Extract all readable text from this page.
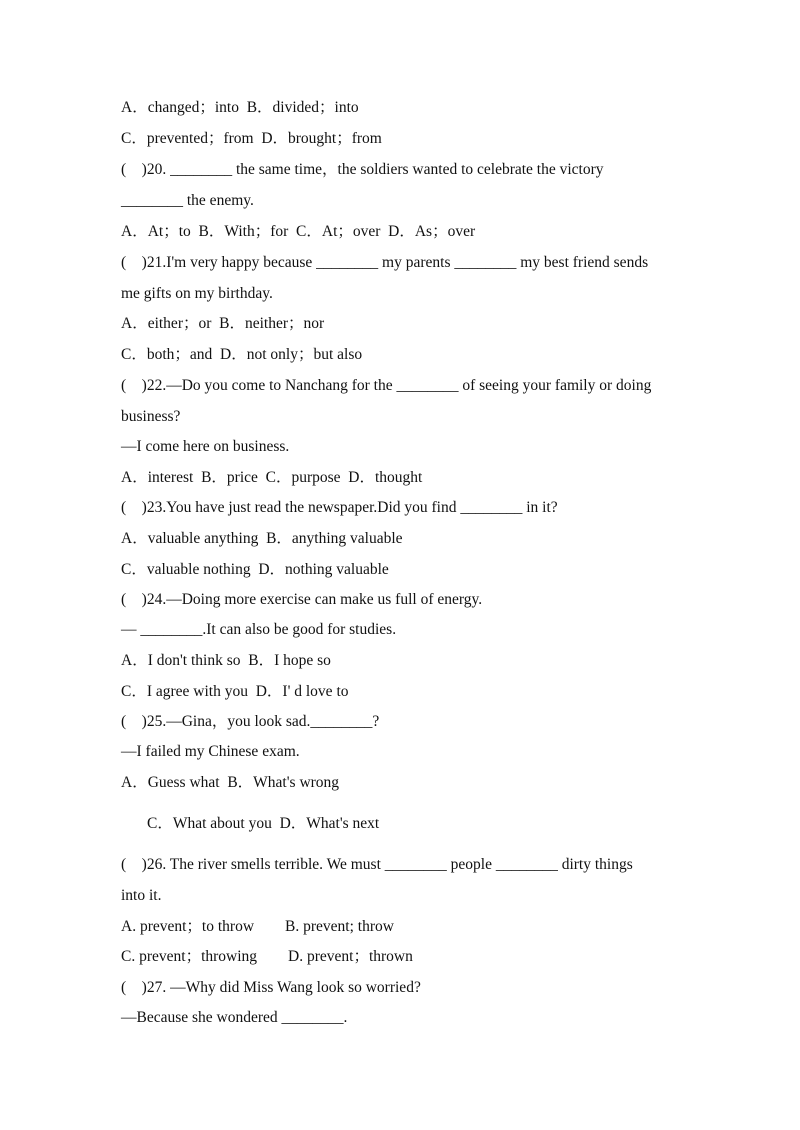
A．changed；into  B．divided；into
C．prevented；from  D．brought；from
(    )20. ________ the same time，the soldiers wanted to celebrate the victory
________ the enemy.
A．At；to  B．With；for  C．At；over  D．As；over
(    )21.I'm very happy because ________ my parents ________ my best friend sends
me gifts on my birthday.
A．either；or  B．neither；nor
C．both；and  D．not only；but also
(    )22.—Do you come to Nanchang for the ________ of seeing your family or doing
business?
—I come here on business.
A．interest  B．price  C．purpose  D．thought
(    )23.You have just read the newspaper.Did you find ________ in it?
A．valuable anything  B．anything valuable
C．valuable nothing  D．nothing valuable
(    )24.—Doing more exercise can make us full of energy.
— ________.It can also be good for studies.
A．I don't think so  B．I hope so
C．I agree with you  D．I' d love to
(    )25.—Gina，you look sad.________?
—I failed my Chinese exam.
A．Guess what  B．What's wrong
C．What about you  D．What's next
(    )26. The river smells terrible. We must ________ people ________ dirty things
into it.
A. prevent；to throw        B. prevent; throw
C. prevent；throwing        D. prevent；thrown
(    )27. —Why did Miss Wang look so worried?
—Because she wondered ________.
